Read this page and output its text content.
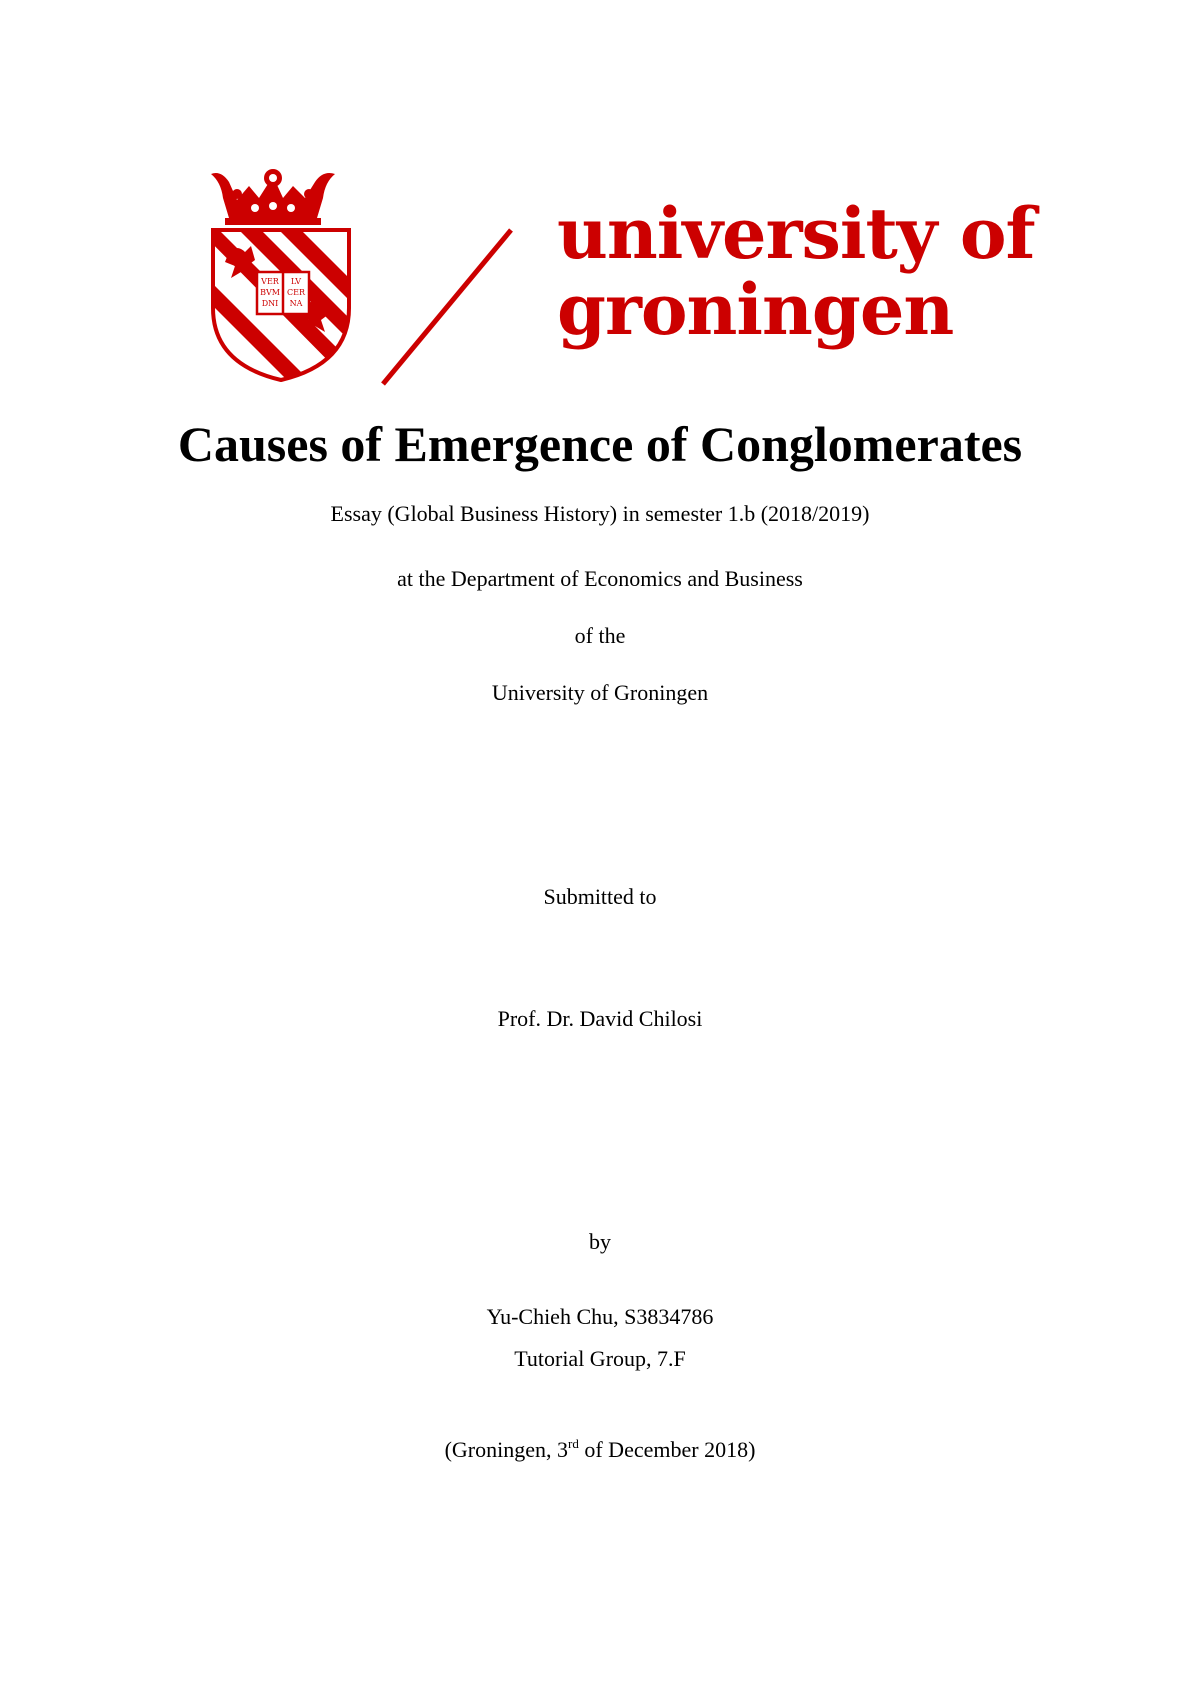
VER
BVM
DNI
LV
CER
NA
university of
groningen
Causes of Emergence of Conglomerates

Essay (Global Business History) in semester 1.b (2018/2019)

at the Department of Economics and Business

of the

University of Groningen

Submitted to

Prof. Dr. David Chilosi

by

Yu-Chieh Chu, S3834786

Tutorial Group, 7.F

(Groningen, 3rd of December 2018)
